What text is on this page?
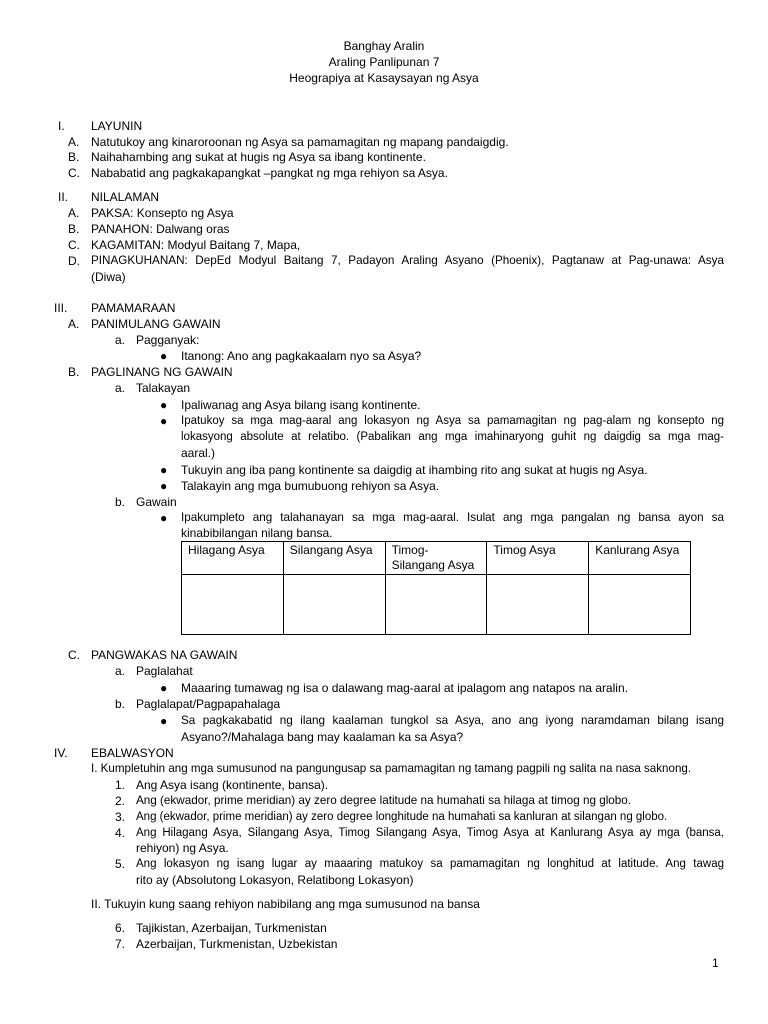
Banghay Aralin
Araling Panlipunan 7
Heograpiya at Kasaysayan ng Asya
I. LAYUNIN
A. Natutukoy ang kinaroroonan ng Asya sa pamamagitan ng mapang pandaigdig.
B. Naihahambing ang sukat at hugis ng Asya sa ibang kontinente.
C. Nababatid ang pagkakapangkat –pangkat ng mga rehiyon sa Asya.
II. NILALAMAN
A. PAKSA: Konsepto ng Asya
B. PANAHON: Dalwang oras
C. KAGAMITAN: Modyul Baitang 7, Mapa,
D. PINAGKUHANAN: DepEd Modyul Baitang 7, Padayon Araling Asyano (Phoenix), Pagtanaw at Pag-unawa: Asya
(Diwa)
III. PAMAMARAAN
A. PANIMULANG GAWAIN
a. Pagganyak:
● Itanong: Ano ang pagkakaalam nyo sa Asya?
B. PAGLINANG NG GAWAIN
a. Talakayan
● Ipaliwanag ang Asya bilang isang kontinente.
● Ipatukoy sa mga mag-aaral ang lokasyon ng Asya sa pamamagitan ng pag-alam ng konsepto ng
lokasyong absolute at relatibo. (Pabalikan ang mga imahinaryong guhit ng daigdig sa mga mag-
aaral.)
● Tukuyin ang iba pang kontinente sa daigdig at ihambing rito ang sukat at hugis ng Asya.
● Talakayin ang mga bumubuong rehiyon sa Asya.
b. Gawain
● Ipakumpleto ang talahanayan sa mga mag-aaral. Isulat ang mga pangalan ng bansa ayon sa
kinabibilangan nilang bansa.
Hilagang Asya	Silangang Asya	Timog-
Silangang Asya	Timog Asya	Kanlurang Asya

C. PANGWAKAS NA GAWAIN
a. Paglalahat
● Maaaring tumawag ng isa o dalawang mag-aaral at ipalagom ang natapos na aralin.
b. Paglalapat/Pagpapahalaga
● Sa pagkakabatid ng ilang kaalaman tungkol sa Asya, ano ang iyong naramdaman bilang isang
Asyano?/Mahalaga bang may kaalaman ka sa Asya?
IV. EBALWASYON
I. Kumpletuhin ang mga sumusunod na pangungusap sa pamamagitan ng tamang pagpili ng salita na nasa saknong.
1. Ang Asya isang (kontinente, bansa).
2. Ang (ekwador, prime meridian) ay zero degree latitude na humahati sa hilaga at timog ng globo.
3. Ang (ekwador, prime meridian) ay zero degree longhitude na humahati sa kanluran at silangan ng globo.
4. Ang Hilagang Asya, Silangang Asya, Timog Silangang Asya, Timog Asya at Kanlurang Asya ay mga (bansa,
rehiyon) ng Asya.
5. Ang lokasyon ng isang lugar ay maaaring matukoy sa pamamagitan ng longhitud at latitude. Ang tawag
rito ay (Absolutong Lokasyon, Relatibong Lokasyon)
II. Tukuyin kung saang rehiyon nabibilang ang mga sumusunod na bansa
6. Tajikistan, Azerbaijan, Turkmenistan
7. Azerbaijan, Turkmenistan, Uzbekistan
1
